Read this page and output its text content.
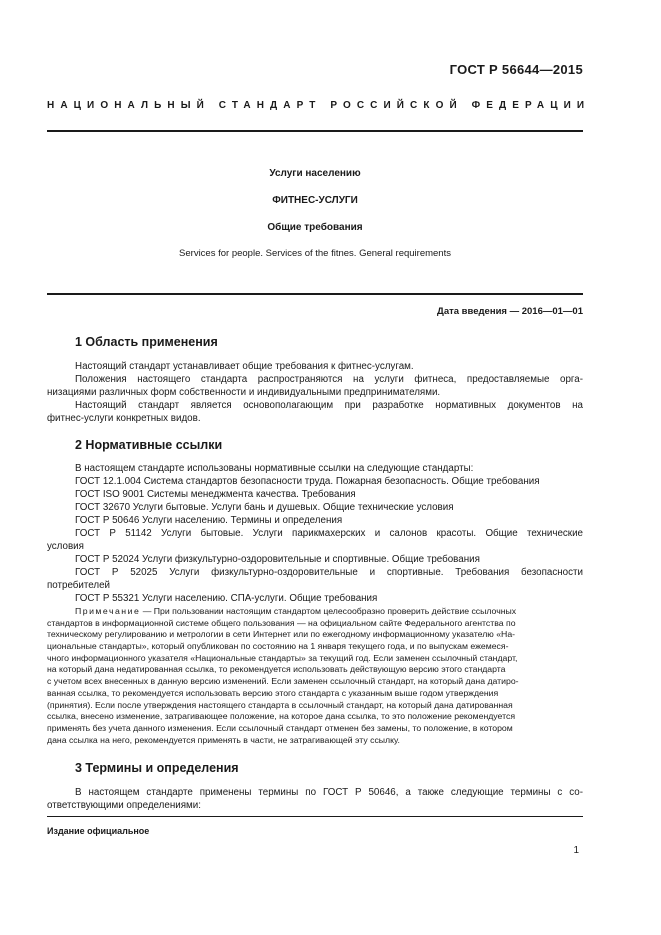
ГОСТ Р 56644—2015
НАЦИОНАЛЬНЫЙ СТАНДАРТ РОССИЙСКОЙ ФЕДЕРАЦИИ
Услуги населению
ФИТНЕС-УСЛУГИ
Общие требования
Services for people. Services of the fitnes. General requirements
Дата введения — 2016—01—01
1 Область применения
Настоящий стандарт устанавливает общие требования к фитнес-услугам.
Положения настоящего стандарта распространяются на услуги фитнеса, предоставляемые орга-
низациями различных форм собственности и индивидуальными предпринимателями.
Настоящий стандарт является основополагающим при разработке нормативных документов на
фитнес-услуги конкретных видов.
2 Нормативные ссылки
В настоящем стандарте использованы нормативные ссылки на следующие стандарты:
ГОСТ 12.1.004 Система стандартов безопасности труда. Пожарная безопасность. Общие требования
ГОСТ ISO 9001 Системы менеджмента качества. Требования
ГОСТ 32670 Услуги бытовые. Услуги бань и душевых. Общие технические условия
ГОСТ Р 50646 Услуги населению. Термины и определения
ГОСТ Р 51142 Услуги бытовые. Услуги парикмахерских и салонов красоты. Общие технические
условия
ГОСТ Р 52024 Услуги физкультурно-оздоровительные и спортивные. Общие требования
ГОСТ Р 52025 Услуги физкультурно-оздоровительные и спортивные. Требования безопасности
потребителей
ГОСТ Р 55321 Услуги населению. СПА-услуги. Общие требования
Примечание — При пользовании настоящим стандартом целесообразно проверить действие ссылочных
стандартов в информационной системе общего пользования — на официальном сайте Федерального агентства по
техническому регулированию и метрологии в сети Интернет или по ежегодному информационному указателю «На-
циональные стандарты», который опубликован по состоянию на 1 января текущего года, и по выпускам ежемеся-
чного информационного указателя «Национальные стандарты» за текущий год. Если заменен ссылочный стандарт,
на который дана недатированная ссылка, то рекомендуется использовать действующую версию этого стандарта
с учетом всех внесенных в данную версию изменений. Если заменен ссылочный стандарт, на который дана датиро-
ванная ссылка, то рекомендуется использовать версию этого стандарта с указанным выше годом утверждения
(принятия). Если после утверждения настоящего стандарта в ссылочный стандарт, на который дана датированная
ссылка, внесено изменение, затрагивающее положение, на которое дана ссылка, то это положение рекомендуется
применять без учета данного изменения. Если ссылочный стандарт отменен без замены, то положение, в котором
дана ссылка на него, рекомендуется применять в части, не затрагивающей эту ссылку.
3 Термины и определения
В настоящем стандарте применены термины по ГОСТ Р 50646, а также следующие термины с со-
ответствующими определениями:
Издание официальное
1
